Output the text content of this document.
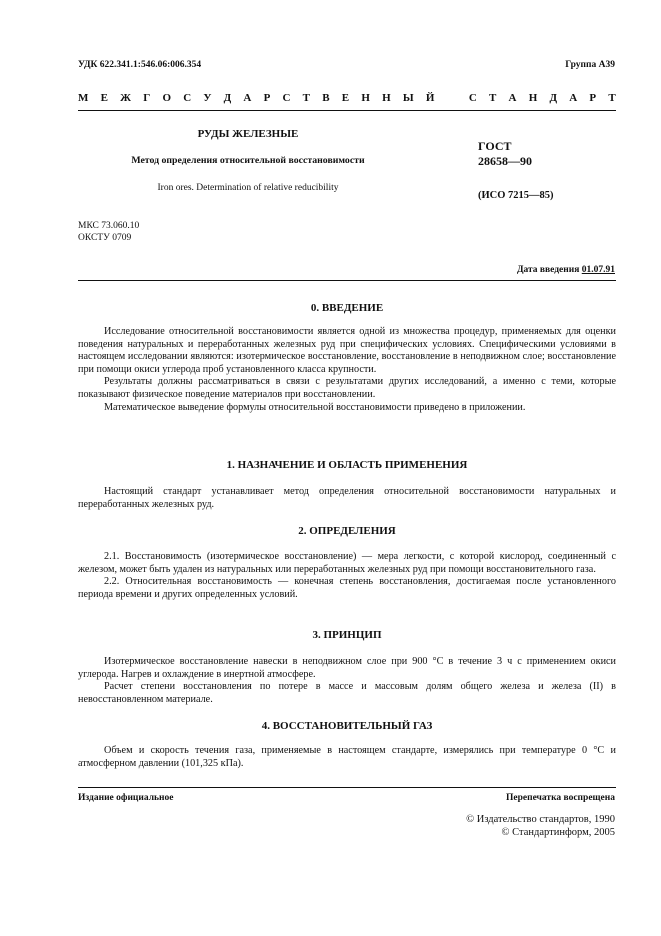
УДК 622.341.1:546.06:006.354	Группа А39
М Е Ж Г О С У Д А Р С Т В Е Н Н Ы Й	С Т А Н Д А Р Т
РУДЫ ЖЕЛЕЗНЫЕ
Метод определения относительной восстановимости
Iron ores. Determination of relative reducibility
ГОСТ
28658—90
(ИСО 7215—85)
МКС 73.060.10
ОКСТУ 0709
Дата введения 01.07.91
0. ВВЕДЕНИЕ

Исследование относительной восстановимости является одной из множества процедур, применяемых для оценки поведения натуральных и переработанных железных руд при специфических условиях. Специфическими условиями в настоящем исследовании являются: изотермическое восстановление, восстановление в неподвижном слое; восстановление при помощи окиси углерода проб установленного класса крупности.

Результаты должны рассматриваться в связи с результатами других исследований, а именно с теми, которые показывают физическое поведение материалов при восстановлении.

Математическое выведение формулы относительной восстановимости приведено в приложении.

1. НАЗНАЧЕНИЕ И ОБЛАСТЬ ПРИМЕНЕНИЯ

Настоящий стандарт устанавливает метод определения относительной восстановимости натуральных и переработанных железных руд.

2. ОПРЕДЕЛЕНИЯ

2.1. Восстановимость (изотермическое восстановление) — мера легкости, с которой кислород, соединенный с железом, может быть удален из натуральных или переработанных железных руд при помощи восстановительного газа.

2.2. Относительная восстановимость — конечная степень восстановления, достигаемая после установленного периода времени и других определенных условий.

3. ПРИНЦИП

Изотермическое восстановление навески в неподвижном слое при 900 °С в течение 3 ч с применением окиси углерода. Нагрев и охлаждение в инертной атмосфере.

Расчет степени восстановления по потере в массе и массовым долям общего железа и железа (II) в невосстановленном материале.

4. ВОССТАНОВИТЕЛЬНЫЙ ГАЗ

Объем и скорость течения газа, применяемые в настоящем стандарте, измерялись при температуре 0 °С и атмосферном давлении (101,325 кПа).

Издание официальное	Перепечатка воспрещена
© Издательство стандартов, 1990
© Стандартинформ, 2005
